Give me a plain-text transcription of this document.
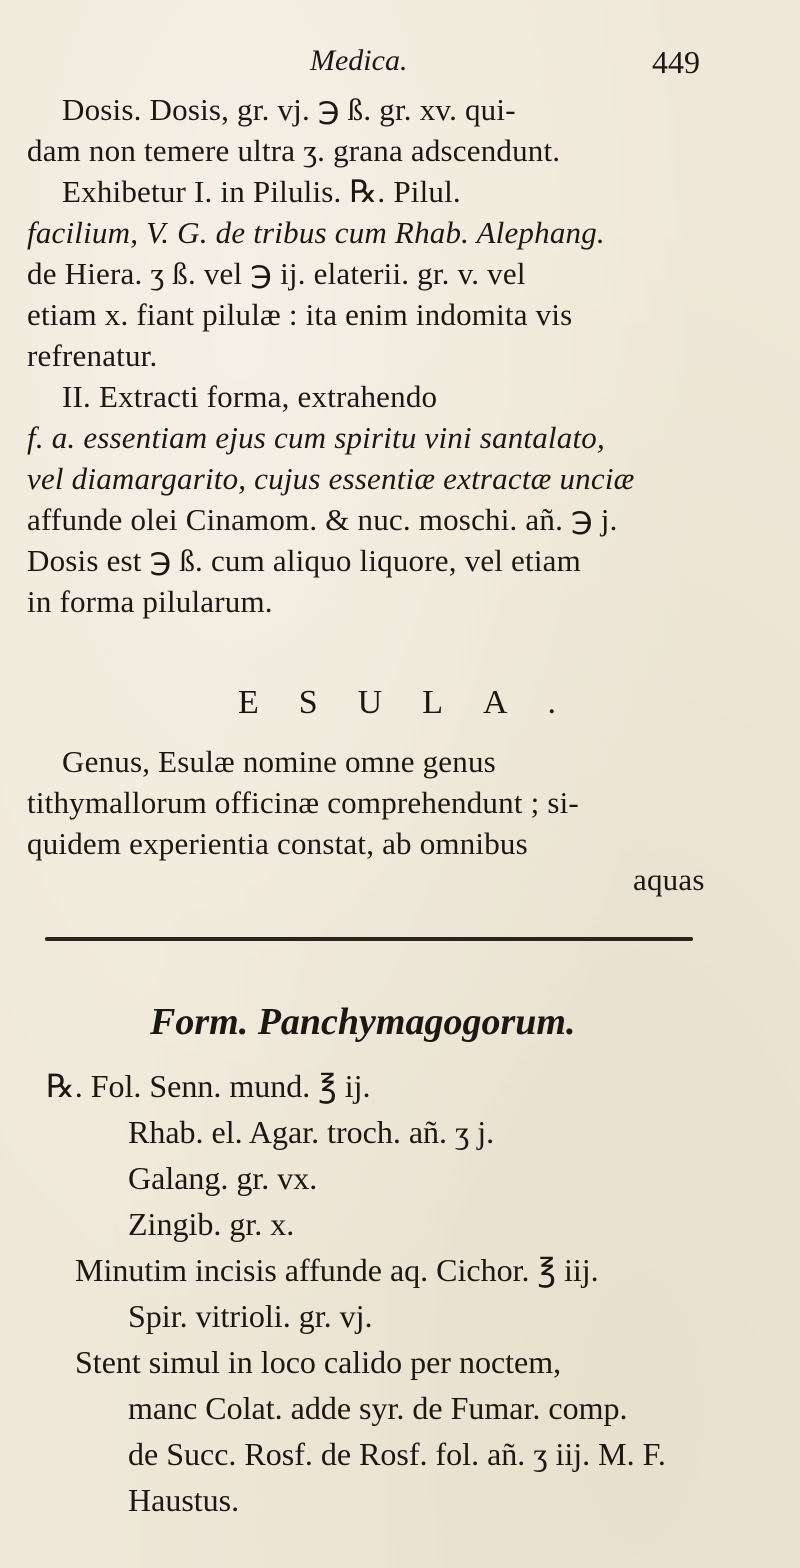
Medica.	449
Dosis. Dosis, gr. vj. ℈ ß. gr. xv. qui-
dam non temere ultra ʒ. grana adscendunt.
Exhibetur I. in Pilulis. ℞. Pilul.
facilium, V. G. de tribus cum Rhab. Alephang.
de Hiera. ʒ ß. vel ℈ ij. elaterii. gr. v. vel
etiam x. fiant pilulæ : ita enim indomita vis
refrenatur.
II. Extracti forma, extrahendo
f. a. essentiam ejus cum spiritu vini santalato,
vel diamargarito, cujus essentiæ extractæ unciæ
affunde olei Cinamom. & nuc. moschi. añ. ℈ j.
Dosis est ℈ ß. cum aliquo liquore, vel etiam
in forma pilularum.
ESULA.
Genus, Esulæ nomine omne genus
tithymallorum officinæ comprehendunt ; si-
quidem experientia constat, ab omnibus
aquas
Form. Panchymagogorum.
℞. Fol. Senn. mund. ℥ ij.
Rhab. el. Agar. troch. añ. ʒ j.
Galang. gr. vx.
Zingib. gr. x.
Minutim incisis affunde aq. Cichor. ℥ iij.
Spir. vitrioli. gr. vj.
Stent simul in loco calido per noctem,
manc Colat. adde syr. de Fumar. comp.
de Succ. Rosf. de Rosf. fol. añ. ʒ iij. M. F.
Haustus.
